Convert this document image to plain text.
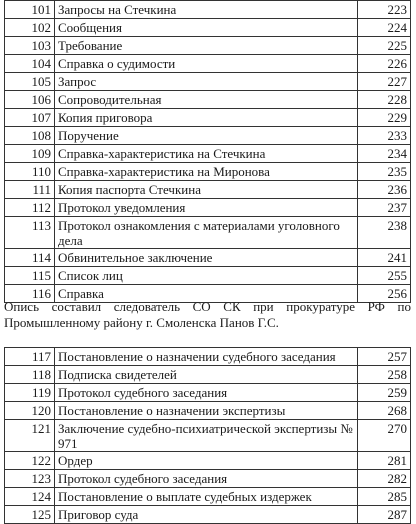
101	Запросы на Стечкина	223
102	Сообщения	224
103	Требование	225
104	Справка о судимости	226
105	Запрос	227
106	Сопроводительная	228
107	Копия приговора	229
108	Поручение	233
109	Справка-характеристика на Стечкина	234
110	Справка-характеристика на Миронова	235
111	Копия паспорта Стечкина	236
112	Протокол уведомления	237
113	Протокол ознакомления с материалами уголовного дела	238
114	Обвинительное заключение	241
115	Список лиц	255
116	Справка	256
Опись составил следователь СО СК при прокуратуре РФ по Промышленному району г. Смоленска Панов Г.С.
117	Постановление о назначении судебного заседания	257
118	Подписка свидетелей	258
119	Протокол судебного заседания	259
120	Постановление о назначении экспертизы	268
121	Заключение судебно-психиатрической экспертизы № 971	270
122	Ордер	281
123	Протокол судебного заседания	282
124	Постановление о выплате судебных издержек	285
125	Приговор суда	287
